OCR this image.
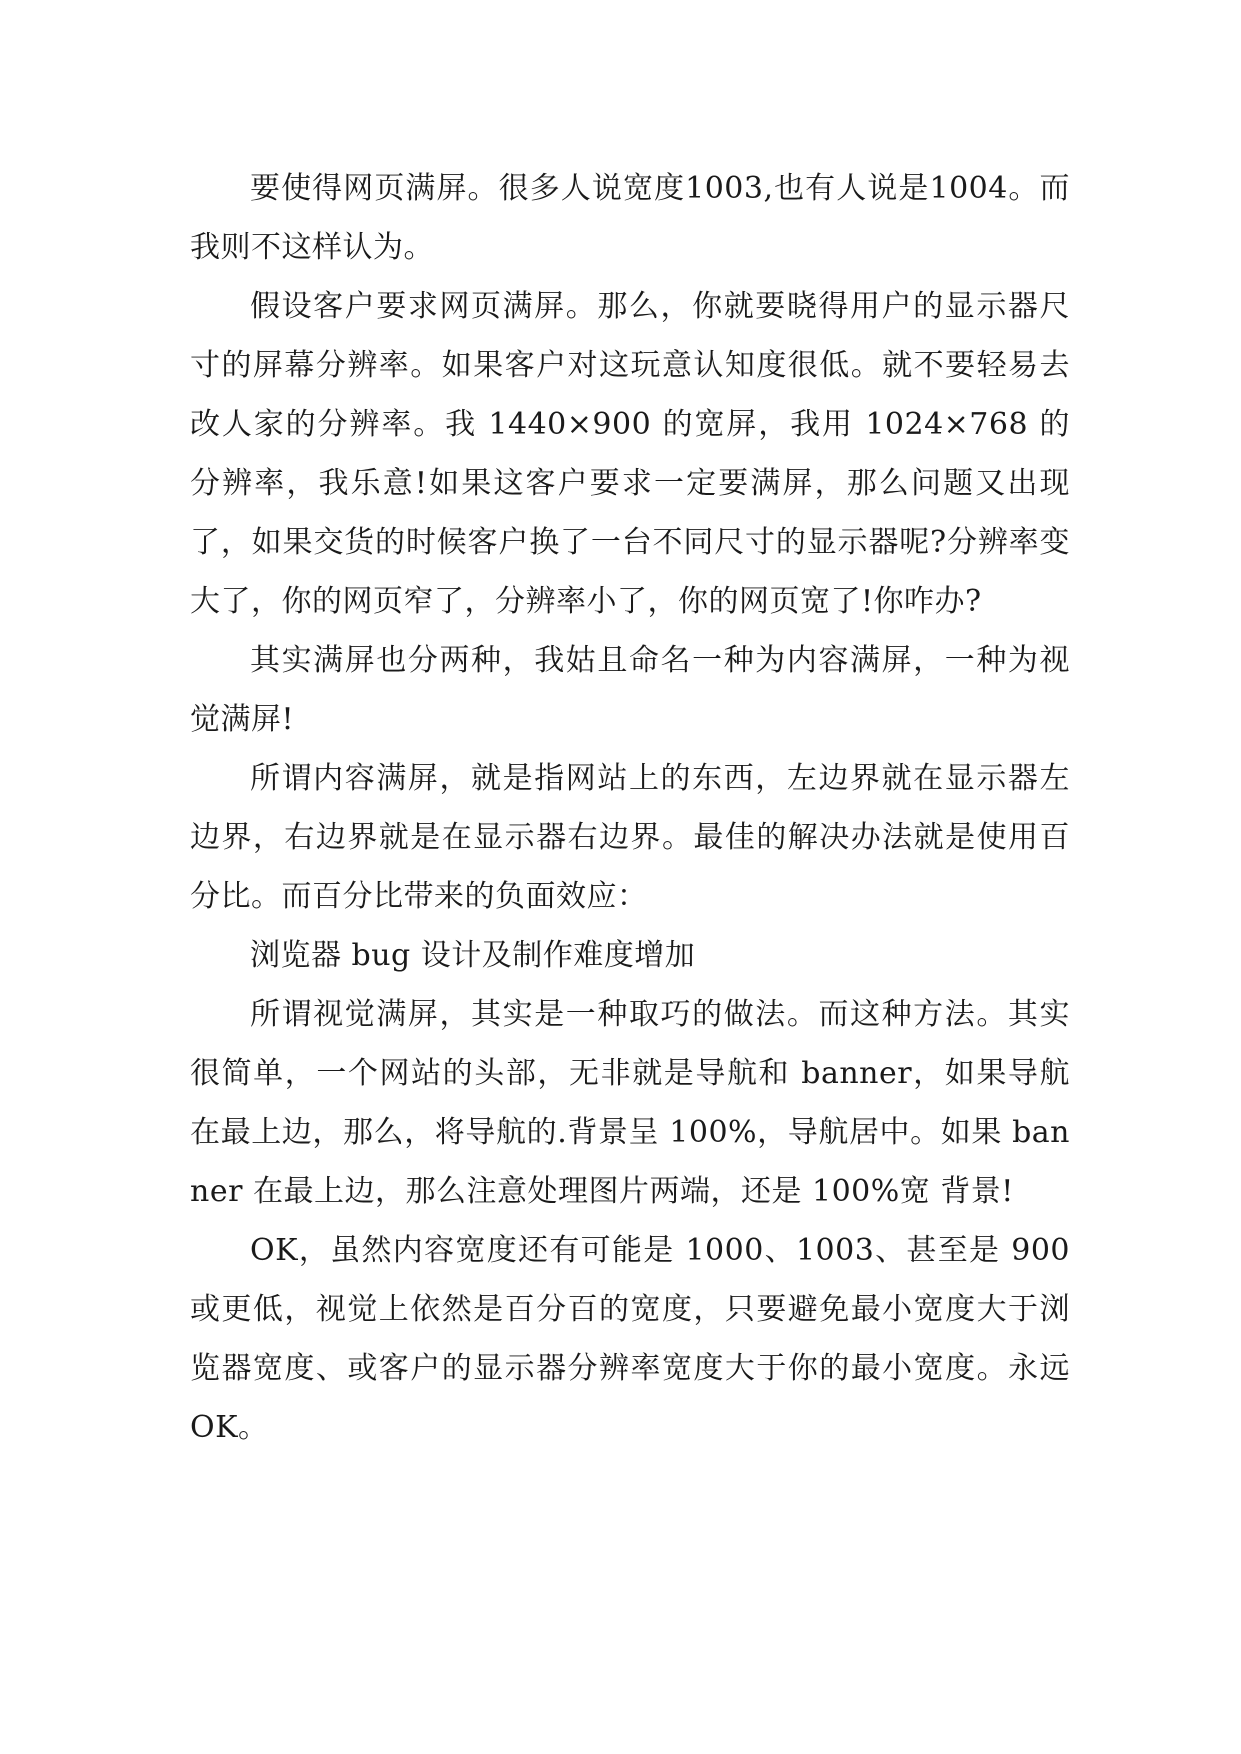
要使得网页满屏。很多人说宽度1003,也有人说是1004。而我则不这样认为。

假设客户要求网页满屏。那么，你就要晓得用户的显示器尺寸的屏幕分辨率。如果客户对这玩意认知度很低。就不要轻易去改人家的分辨率。我 1440×900 的宽屏，我用 1024×768 的分辨率，我乐意!如果这客户要求一定要满屏，那么问题又出现了，如果交货的时候客户换了一台不同尺寸的显示器呢?分辨率变大了，你的网页窄了，分辨率小了，你的网页宽了!你咋办?

其实满屏也分两种，我姑且命名一种为内容满屏，一种为视觉满屏!

所谓内容满屏，就是指网站上的东西，左边界就在显示器左边界，右边界就是在显示器右边界。最佳的解决办法就是使用百分比。而百分比带来的负面效应：

浏览器 bug 设计及制作难度增加

所谓视觉满屏，其实是一种取巧的做法。而这种方法。其实很简单，一个网站的头部，无非就是导航和 banner，如果导航在最上边，那么，将导航的.背景呈 100%，导航居中。如果 banner 在最上边，那么注意处理图片两端，还是 100%宽 背景!

OK，虽然内容宽度还有可能是 1000、1003、甚至是 900 或更低，视觉上依然是百分百的宽度，只要避免最小宽度大于浏览器宽度、或客户的显示器分辨率宽度大于你的最小宽度。永远 OK。
